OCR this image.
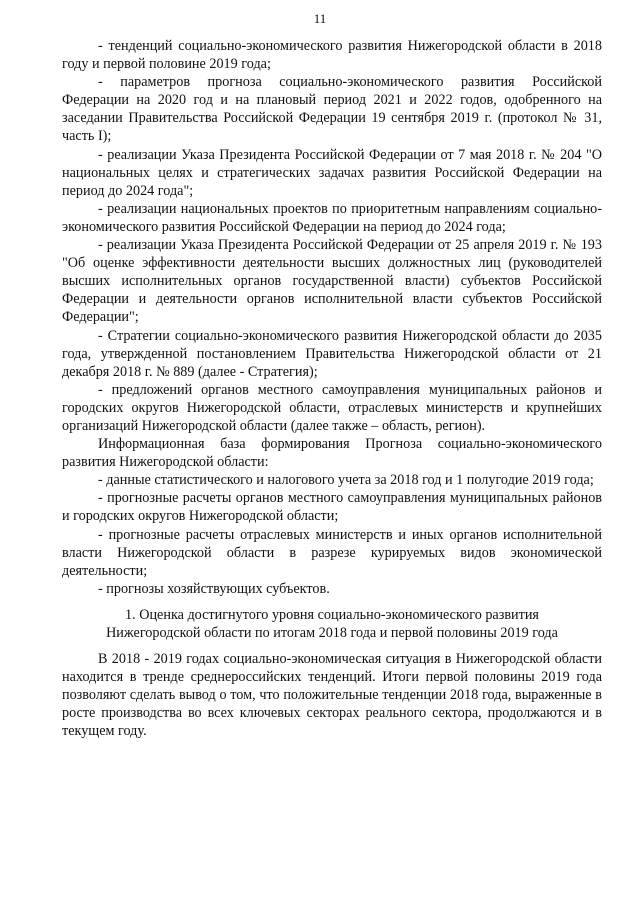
11

- тенденций социально-экономического развития Нижегородской области в 2018 году и первой половине 2019 года;

- параметров прогноза социально-экономического развития Российской Федерации на 2020 год и на плановый период 2021 и 2022 годов, одобренного на заседании Правительства Российской Федерации 19 сентября 2019 г. (протокол № 31, часть I);

- реализации Указа Президента Российской Федерации от 7 мая 2018 г. № 204 "О национальных целях и стратегических задачах развития Российской Федерации на период до 2024 года";

- реализации национальных проектов по приоритетным направлениям социально-экономического развития Российской Федерации на период до 2024 года;

- реализации Указа Президента Российской Федерации от 25 апреля 2019 г. № 193 "Об оценке эффективности деятельности высших должностных лиц (руководителей высших исполнительных органов государственной власти) субъектов Российской Федерации и деятельности органов исполнительной власти субъектов Российской Федерации";

- Стратегии социально-экономического развития Нижегородской области до 2035 года, утвержденной постановлением Правительства Нижегородской области от 21 декабря 2018 г. № 889 (далее - Стратегия);

- предложений органов местного самоуправления муниципальных районов и городских округов Нижегородской области, отраслевых министерств и крупнейших организаций Нижегородской области (далее также – область, регион).

Информационная база формирования Прогноза социально-экономического развития Нижегородской области:

- данные статистического и налогового учета за 2018 год и 1 полугодие 2019 года;

- прогнозные расчеты органов местного самоуправления муниципальных районов и городских округов Нижегородской области;

- прогнозные расчеты отраслевых министерств и иных органов исполнительной власти Нижегородской области в разрезе курируемых видов экономической деятельности;

- прогнозы хозяйствующих субъектов.

1. Оценка достигнутого уровня социально-экономического развития
Нижегородской области по итогам 2018 года и первой половины 2019 года

В 2018 - 2019 годах социально-экономическая ситуация в Нижегородской области находится в тренде среднероссийских тенденций. Итоги первой половины 2019 года позволяют сделать вывод о том, что положительные тенденции 2018 года, выраженные в росте производства во всех ключевых секторах реального сектора, продолжаются и в текущем году.
